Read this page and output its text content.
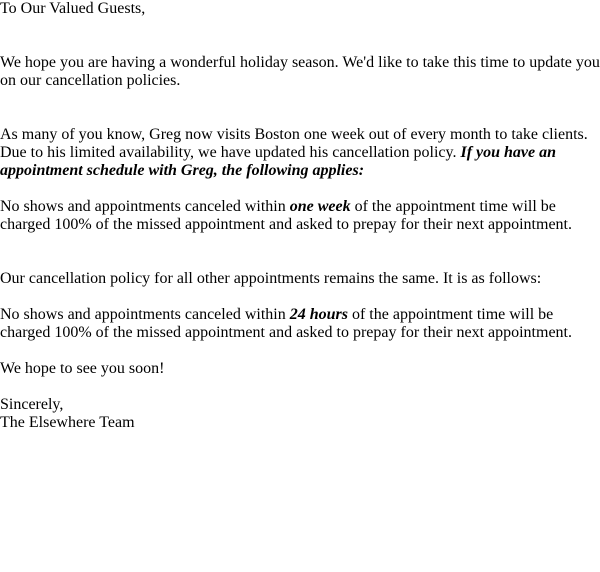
To Our Valued Guests,

We hope you are having a wonderful holiday season. We'd like to take this time to update you on our cancellation policies.

As many of you know, Greg now visits Boston one week out of every month to take clients. Due to his limited availability, we have updated his cancellation policy. If you have an appointment schedule with Greg, the following applies:

No shows and appointments canceled within one week of the appointment time will be charged 100% of the missed appointment and asked to prepay for their next appointment.

Our cancellation policy for all other appointments remains the same. It is as follows:

No shows and appointments canceled within 24 hours of the appointment time will be charged 100% of the missed appointment and asked to prepay for their next appointment.

We hope to see you soon!

Sincerely,

The Elsewhere Team
